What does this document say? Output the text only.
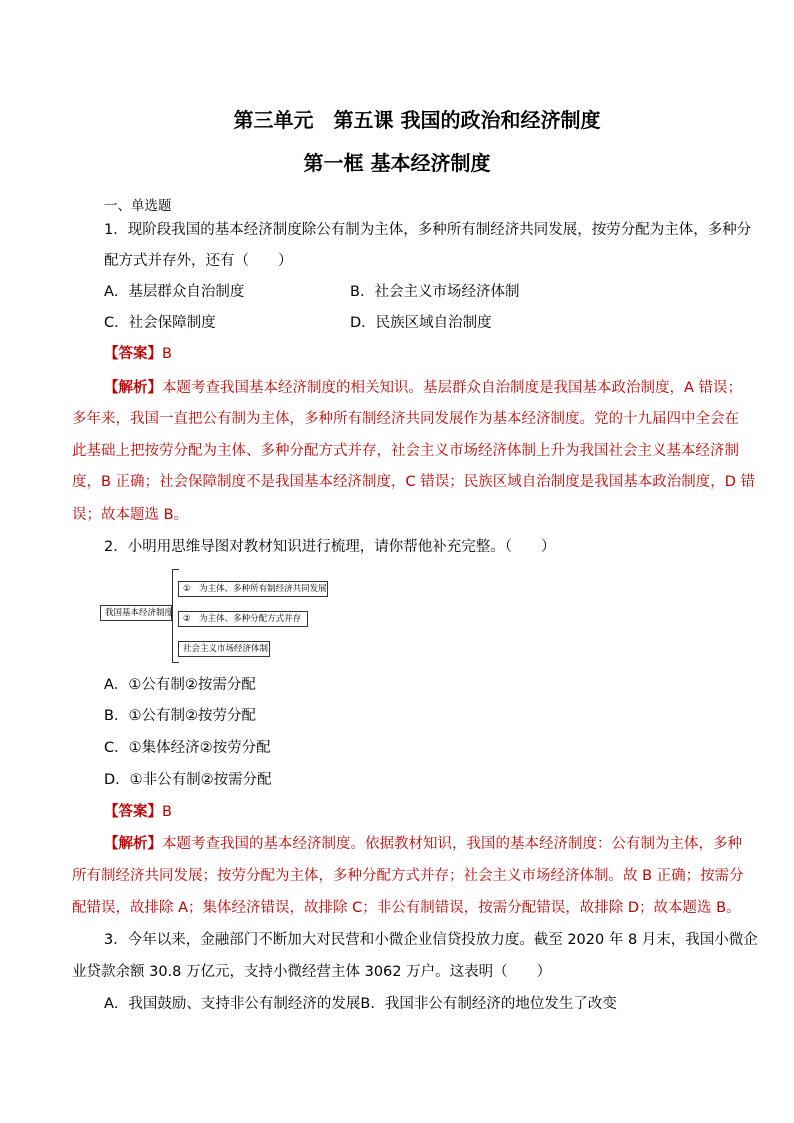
第三单元　第五课 我国的政治和经济制度
第一框 基本经济制度
一、单选题
1．现阶段我国的基本经济制度除公有制为主体，多种所有制经济共同发展，按劳分配为主体，多种分
配方式并存外，还有（　　）
A．基层群众自治制度	B．社会主义市场经济体制
C．社会保障制度	D．民族区域自治制度
【答案】B
【解析】本题考查我国基本经济制度的相关知识。基层群众自治制度是我国基本政治制度，A 错误；
多年来，我国一直把公有制为主体，多种所有制经济共同发展作为基本经济制度。党的十九届四中全会在
此基础上把按劳分配为主体、多种分配方式并存，社会主义市场经济体制上升为我国社会主义基本经济制
度，B 正确；社会保障制度不是我国基本经济制度，C 错误；民族区域自治制度是我国基本政治制度，D 错
误；故本题选 B。
2．小明用思维导图对教材知识进行梳理，请你帮他补充完整。（　　）
我国基本经济制度
①　为主体、多种所有制经济共同发展
②　为主体、多种分配方式并存
社会主义市场经济体制
A．①公有制②按需分配
B．①公有制②按劳分配
C．①集体经济②按劳分配
D．①非公有制②按需分配
【答案】B
【解析】本题考查我国的基本经济制度。依据教材知识，我国的基本经济制度：公有制为主体，多种
所有制经济共同发展；按劳分配为主体，多种分配方式并存；社会主义市场经济体制。故 B 正确；按需分
配错误，故排除 A；集体经济错误，故排除 C；非公有制错误，按需分配错误，故排除 D；故本题选 B。
3．今年以来，金融部门不断加大对民营和小微企业信贷投放力度。截至 2020 年 8 月末，我国小微企
业贷款余额 30.8 万亿元，支持小微经营主体 3062 万户。这表明（　　）
A．我国鼓励、支持非公有制经济的发展B．我国非公有制经济的地位发生了改变
